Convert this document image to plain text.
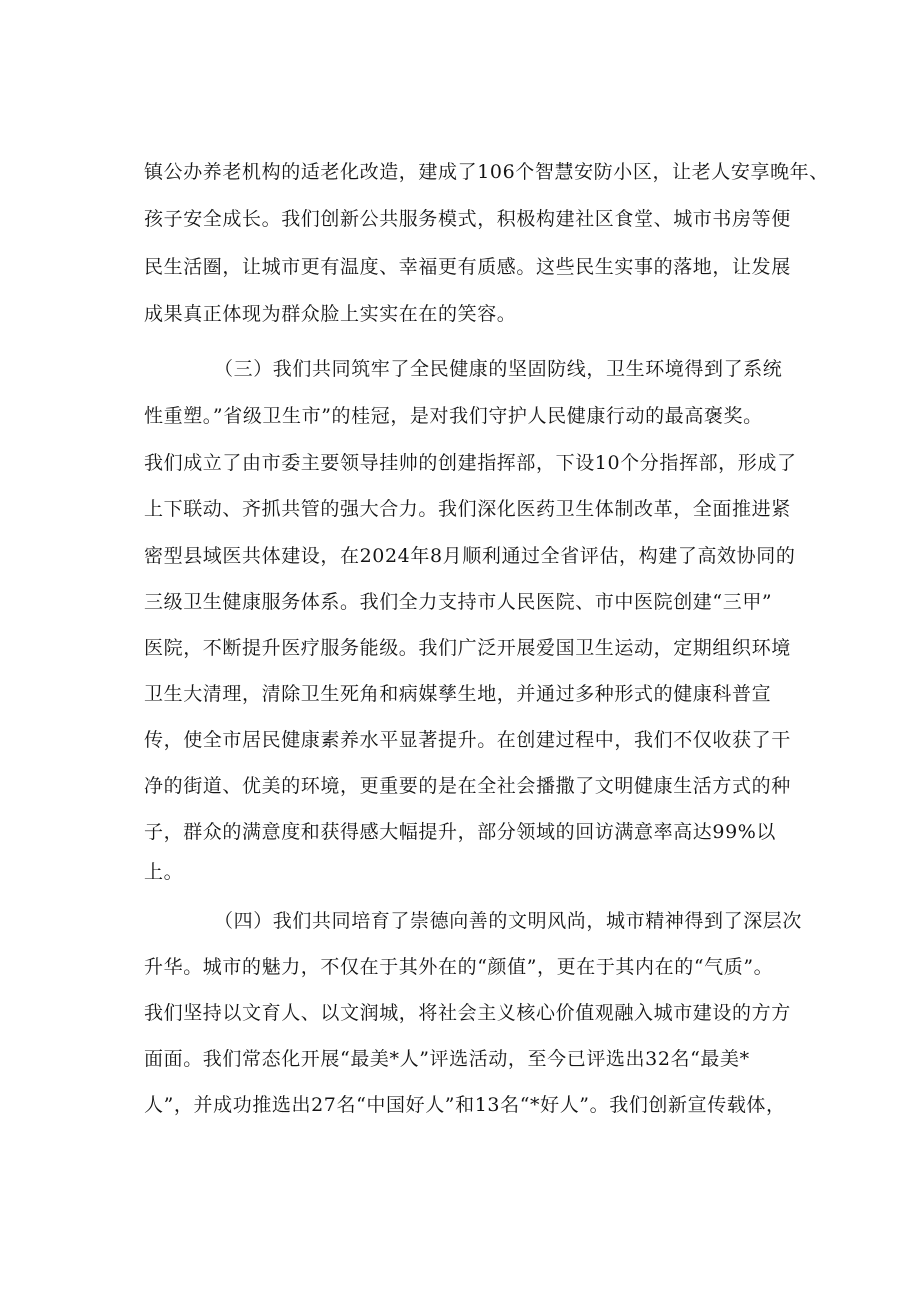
镇公办养老机构的适老化改造，建成了106个智慧安防小区，让老人安享晚年、

孩子安全成长。我们创新公共服务模式，积极构建社区食堂、城市书房等便

民生活圈，让城市更有温度、幸福更有质感。这些民生实事的落地，让发展

成果真正体现为群众脸上实实在在的笑容。

（三）我们共同筑牢了全民健康的坚固防线，卫生环境得到了系统

性重塑。”省级卫生市”的桂冠，是对我们守护人民健康行动的最高褒奖。

我们成立了由市委主要领导挂帅的创建指挥部，下设10个分指挥部，形成了

上下联动、齐抓共管的强大合力。我们深化医药卫生体制改革，全面推进紧

密型县域医共体建设，在2024年8月顺利通过全省评估，构建了高效协同的

三级卫生健康服务体系。我们全力支持市人民医院、市中医院创建“三甲”

医院，不断提升医疗服务能级。我们广泛开展爱国卫生运动，定期组织环境

卫生大清理，清除卫生死角和病媒孳生地，并通过多种形式的健康科普宣

传，使全市居民健康素养水平显著提升。在创建过程中，我们不仅收获了干

净的街道、优美的环境，更重要的是在全社会播撒了文明健康生活方式的种

子，群众的满意度和获得感大幅提升，部分领域的回访满意率高达99%以

上。

（四）我们共同培育了崇德向善的文明风尚，城市精神得到了深层次

升华。城市的魅力，不仅在于其外在的“颜值”，更在于其内在的“气质”。

我们坚持以文育人、以文润城，将社会主义核心价值观融入城市建设的方方

面面。我们常态化开展“最美*人”评选活动，至今已评选出32名“最美*

人”，并成功推选出27名“中国好人”和13名“*好人”。我们创新宣传载体，
